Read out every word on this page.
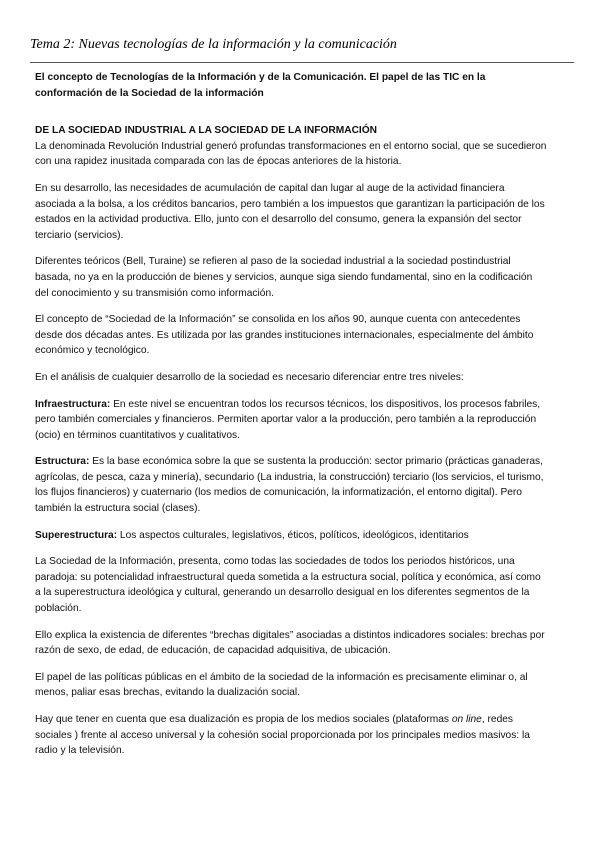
Tema 2: Nuevas tecnologías de la información y la comunicación

El concepto de Tecnologías de la Información y de la Comunicación. El papel de las TIC en la conformación de la Sociedad de la información

DE LA SOCIEDAD INDUSTRIAL A LA SOCIEDAD DE LA INFORMACIÓN
La denominada Revolución Industrial generó profundas transformaciones en el entorno social, que se sucedieron con una rapidez inusitada comparada con las de épocas anteriores de la historia.

En su desarrollo, las necesidades de acumulación de capital dan lugar al auge de la actividad financiera asociada a la bolsa, a los créditos bancarios, pero también a los impuestos que garantizan la participación de los estados en la actividad productiva. Ello, junto con el desarrollo del consumo, genera la expansión del sector terciario (servicios).

Diferentes teóricos (Bell, Turaine) se refieren al paso de la sociedad industrial a la sociedad postindustrial basada, no ya en la producción de bienes y servicios, aunque siga siendo fundamental, sino en la codificación del conocimiento y su transmisión como información.

El concepto de “Sociedad de la Información” se consolida en los años 90, aunque cuenta con antecedentes desde dos décadas antes. Es utilizada por las grandes instituciones internacionales, especialmente del ámbito económico y tecnológico.

En el análisis de cualquier desarrollo de la sociedad es necesario diferenciar entre tres niveles:

Infraestructura: En este nivel se encuentran todos los recursos técnicos, los dispositivos, los procesos fabriles, pero también comerciales y financieros. Permiten aportar valor a la producción, pero también a la reproducción (ocio) en términos cuantitativos y cualitativos.

Estructura: Es la base económica sobre la que se sustenta la producción: sector primario (prácticas ganaderas, agrícolas, de pesca, caza y minería), secundario (La industria, la construcción) terciario (los servicios, el turismo, los flujos financieros) y cuaternario (los medios de comunicación, la informatización, el entorno digital). Pero también la estructura social (clases).

Superestructura: Los aspectos culturales, legislativos, éticos, políticos, ideológicos, identitarios

La Sociedad de la Información, presenta, como todas las sociedades de todos los periodos históricos, una paradoja: su potencialidad infraestructural queda sometida a la estructura social, política y económica, así como a la superestructura ideológica y cultural, generando un desarrollo desigual en los diferentes segmentos de la población.

Ello explica la existencia de diferentes “brechas digitales” asociadas a distintos indicadores sociales: brechas por razón de sexo, de edad, de educación, de capacidad adquisitiva, de ubicación.

El papel de las políticas públicas en el ámbito de la sociedad de la información es precisamente eliminar o, al menos, paliar esas brechas, evitando la dualización social.

Hay que tener en cuenta que esa dualización es propia de los medios sociales (plataformas on line, redes sociales ) frente al acceso universal y la cohesión social proporcionada por los principales medios masivos: la radio y la televisión.
